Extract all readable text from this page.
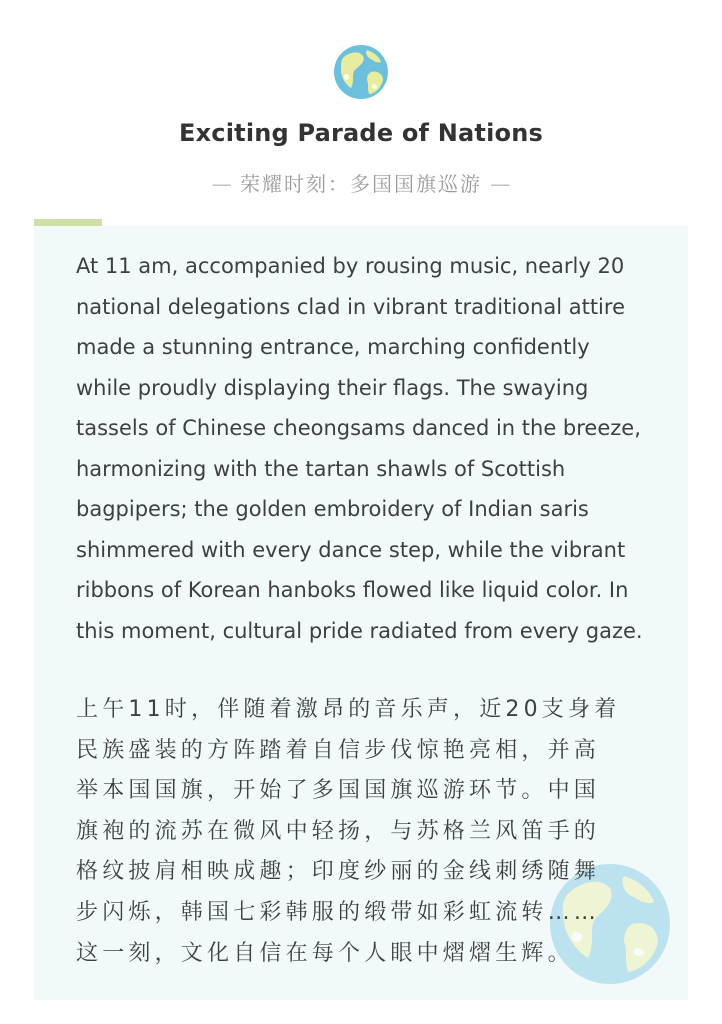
Exciting Parade of Nations
— 荣耀时刻：多国国旗巡游 —
At 11 am, accompanied by rousing music, nearly 20
national delegations clad in vibrant traditional attire
made a stunning entrance, marching confidently
while proudly displaying their flags. The swaying
tassels of Chinese cheongsams danced in the breeze,
harmonizing with the tartan shawls of Scottish
bagpipers; the golden embroidery of Indian saris
shimmered with every dance step, while the vibrant
ribbons of Korean hanboks flowed like liquid color. In
this moment, cultural pride radiated from every gaze.
上午11时，伴随着激昂的音乐声，近20支身着
民族盛装的方阵踏着自信步伐惊艳亮相，并高
举本国国旗，开始了多国国旗巡游环节。中国
旗袍的流苏在微风中轻扬，与苏格兰风笛手的
格纹披肩相映成趣；印度纱丽的金线刺绣随舞
步闪烁，韩国七彩韩服的缎带如彩虹流转……
这一刻，文化自信在每个人眼中熠熠生辉。
